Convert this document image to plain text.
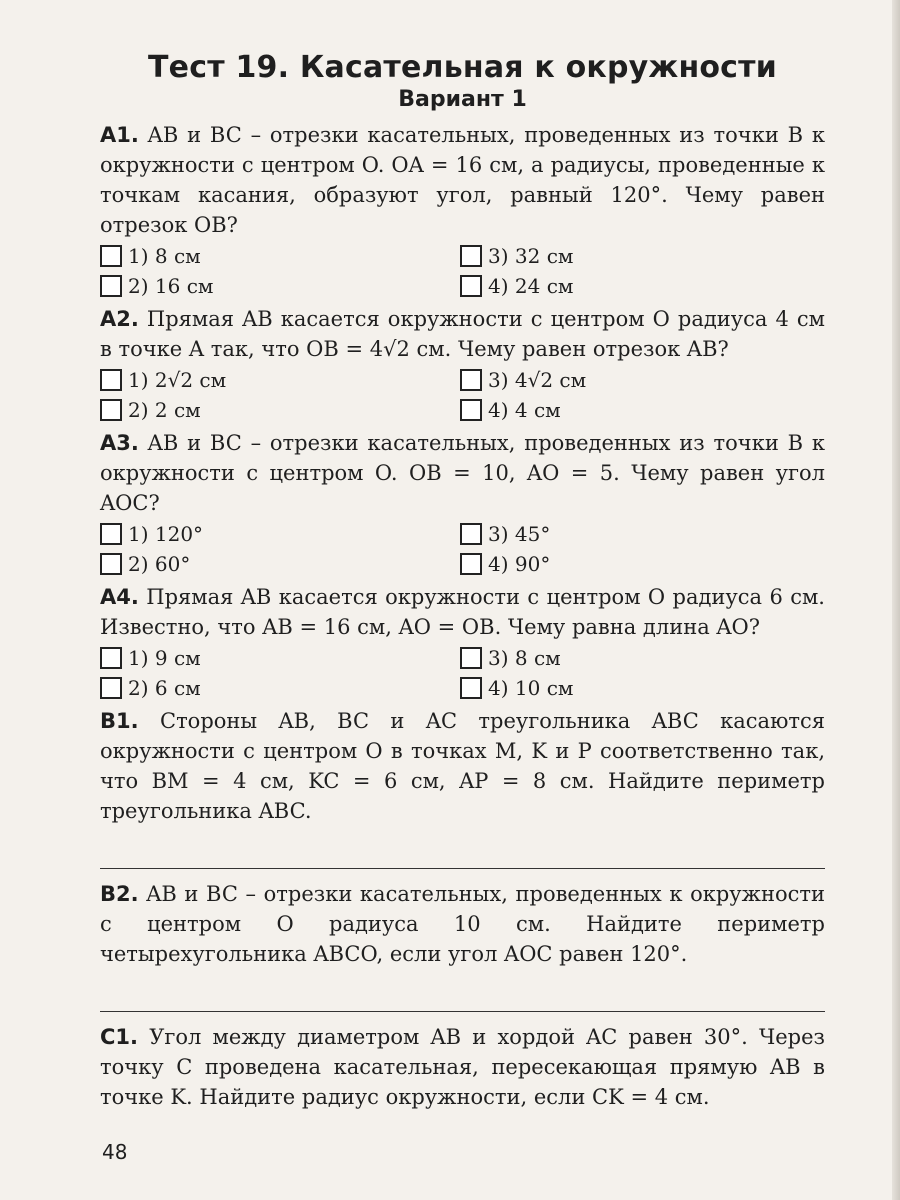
Тест 19. Касательная к окружности
Вариант 1

А1. AB и BC – отрезки касательных, проведенных из точки B к окружности с центром O. OA = 16 см, а радиусы, проведенные к точкам касания, образуют угол, равный 120°. Чему равен отрезок OB?

1) 8 см	3) 32 см
2) 16 см	4) 24 см

А2. Прямая AB касается окружности с центром O радиуса 4 см в точке A так, что OB = 4√2 см. Чему равен отрезок AB?

1) 2√2 см	3) 4√2 см
2) 2 см	4) 4 см

А3. AB и BC – отрезки касательных, проведенных из точки B к окружности с центром O. OB = 10, AO = 5. Чему равен угол AOC?

1) 120°	3) 45°
2) 60°	4) 90°

А4. Прямая AB касается окружности с центром O радиуса 6 см. Известно, что AB = 16 см, AO = OB. Чему равна длина AO?

1) 9 см	3) 8 см
2) 6 см	4) 10 см

В1. Стороны AB, BC и AC треугольника ABC касаются окружности с центром O в точках M, K и P соответственно так, что BM = 4 см, KC = 6 см, AP = 8 см. Найдите периметр треугольника ABC.

В2. AB и BC – отрезки касательных, проведенных к окружности с центром O радиуса 10 см. Найдите периметр четырехугольника ABCO, если угол AOC равен 120°.

С1. Угол между диаметром AB и хордой AC равен 30°. Через точку C проведена касательная, пересекающая прямую AB в точке K. Найдите радиус окружности, если CK = 4 см.

48
